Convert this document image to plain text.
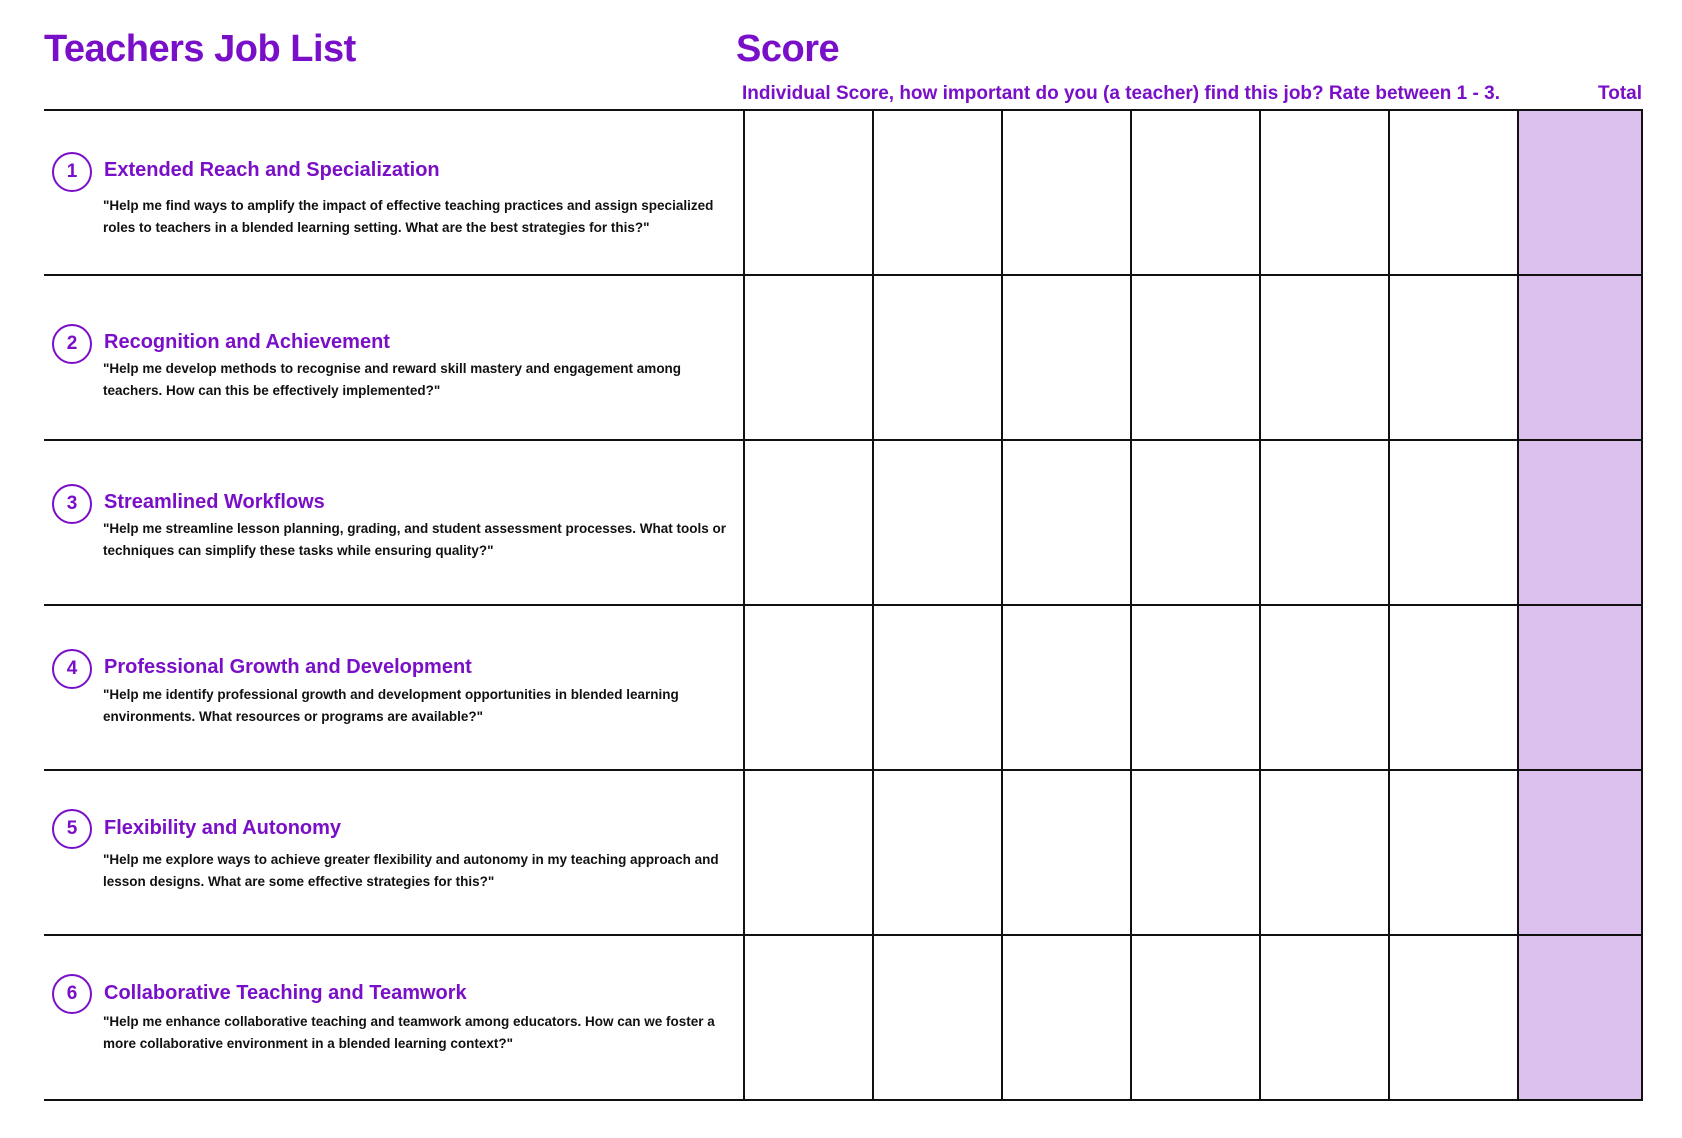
Teachers Job List	Score
Individual Score, how important do you (a teacher) find this job? Rate between 1 - 3.	Total
1 Extended Reach and Specialization
"Help me find ways to amplify the impact of effective teaching practices and assign specialized roles to teachers in a blended learning setting. What are the best strategies for this?"							

2 Recognition and Achievement
"Help me develop methods to recognise and reward skill mastery and engagement among teachers. How can this be effectively implemented?"							

3 Streamlined Workflows
"Help me streamline lesson planning, grading, and student assessment processes. What tools or techniques can simplify these tasks while ensuring quality?"							

4 Professional Growth and Development
"Help me identify professional growth and development opportunities in blended learning environments. What resources or programs are available?"							

5 Flexibility and Autonomy
"Help me explore ways to achieve greater flexibility and autonomy in my teaching approach and lesson designs. What are some effective strategies for this?"							

6 Collaborative Teaching and Teamwork
"Help me enhance collaborative teaching and teamwork among educators. How can we foster a more collaborative environment in a blended learning context?"							
